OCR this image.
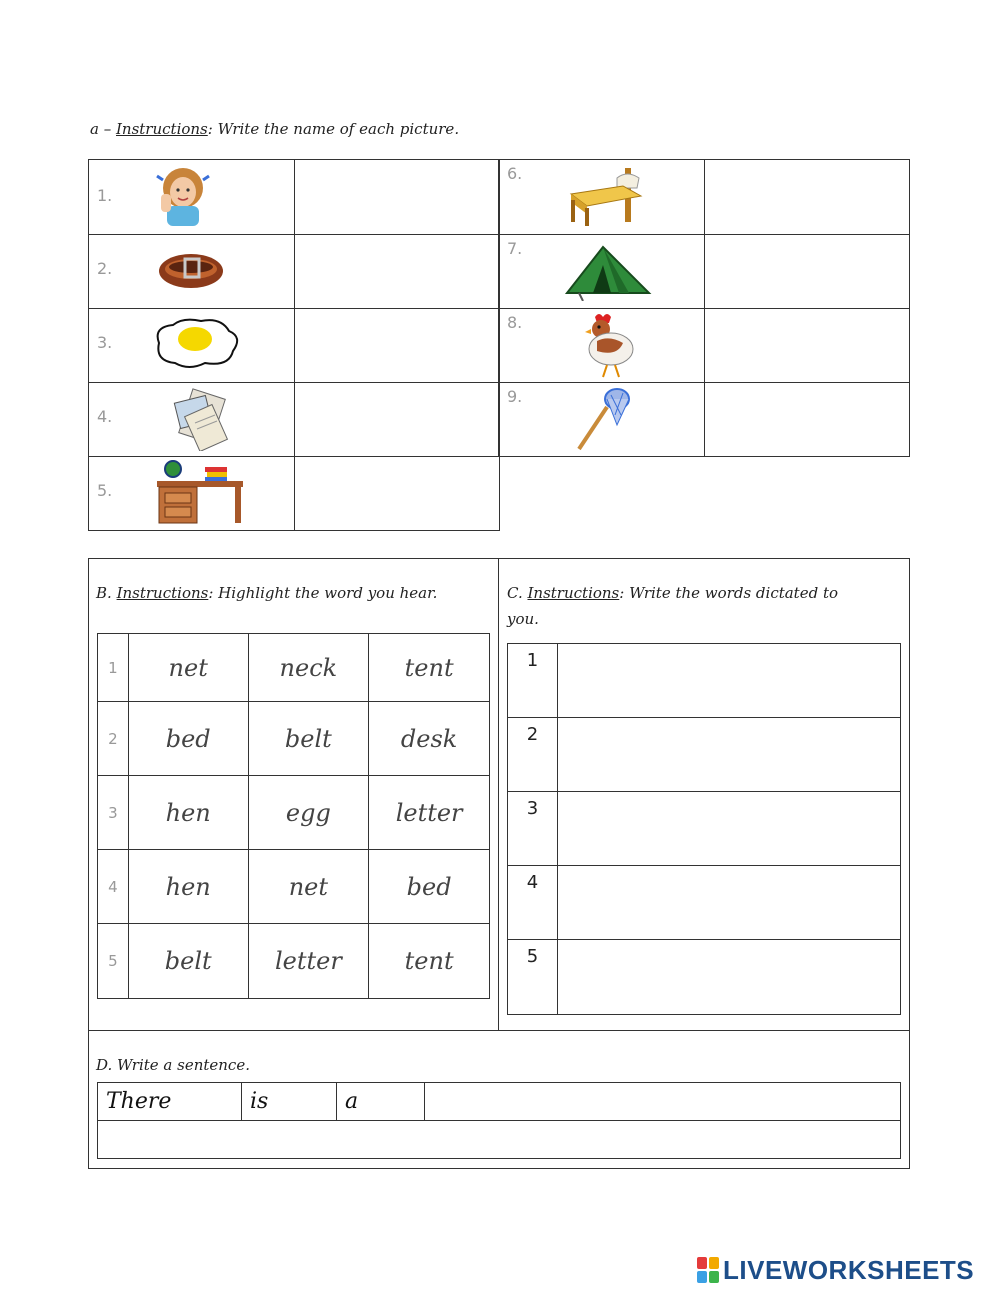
a – Instructions: Write the name of each picture.
1.	

2.	

3.	

4.	

5.	

6.	

7.	

8.	

9.	

B. Instructions: Highlight the word you hear.
1	net	neck	tent
2	bed	belt	desk
3	hen	egg	letter
4	hen	net	bed
5	belt	letter	tent
C. Instructions: Write the words dictated to
you.
1	
2	
3	
4	
5	
D. Write a sentence.
There	is	a	

LIVEWORKSHEETS
